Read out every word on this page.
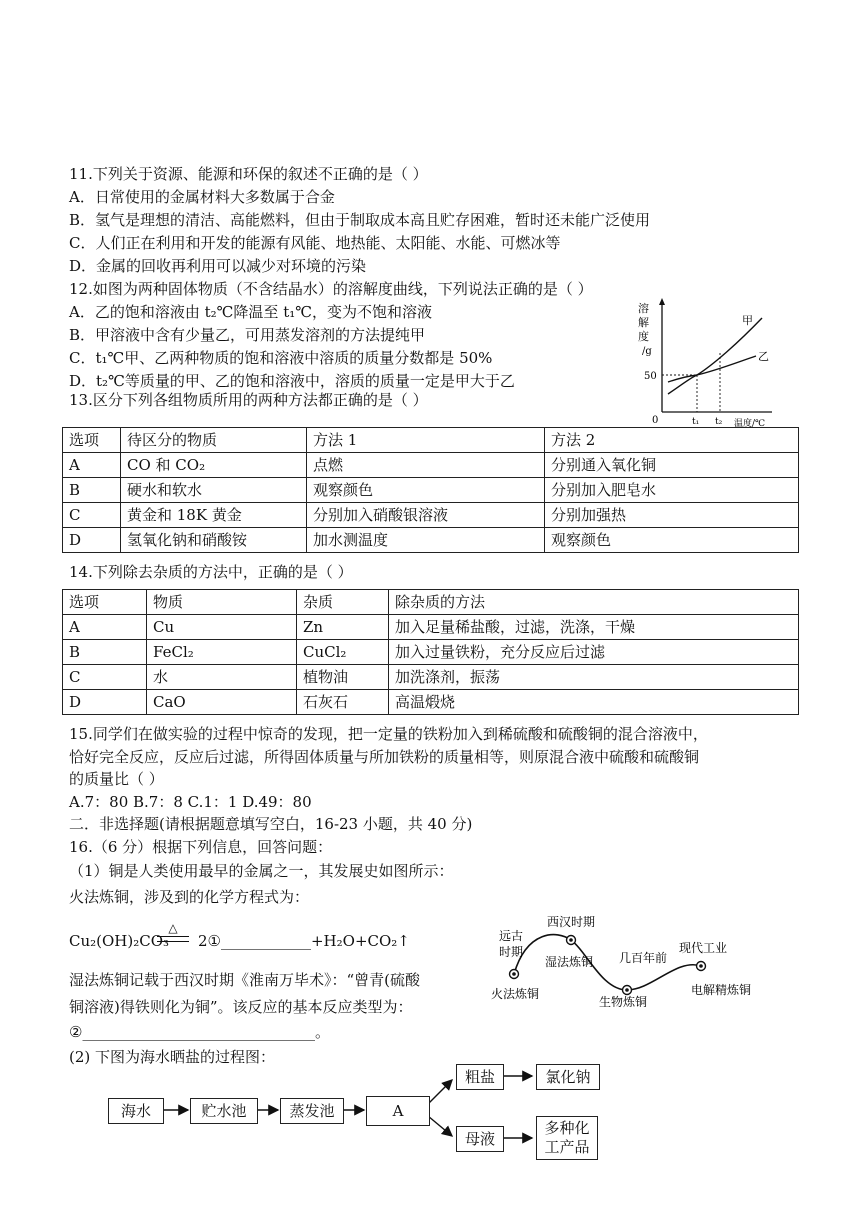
11.下列关于资源、能源和环保的叙述不正确的是（ ）
A．日常使用的金属材料大多数属于合金
B．氢气是理想的清洁、高能燃料，但由于制取成本高且贮存困难，暂时还未能广泛使用
C．人们正在利用和开发的能源有风能、地热能、太阳能、水能、可燃冰等
D．金属的回收再利用可以减少对环境的污染
12.如图为两种固体物质（不含结晶水）的溶解度曲线，下列说法正确的是（ ）
A．乙的饱和溶液由 t₂℃降温至 t₁℃，变为不饱和溶液
B．甲溶液中含有少量乙，可用蒸发溶剂的方法提纯甲
C．t₁℃甲、乙两种物质的饱和溶液中溶质的质量分数都是 50%
D．t₂℃等质量的甲、乙的饱和溶液中，溶质的质量一定是甲大于乙
溶
解
度
/g
0
50
t₁ t₂ 温度/℃
甲
乙
13.区分下列各组物质所用的两种方法都正确的是（ ）
选项	待区分的物质	方法 1	方法 2
A	CO 和 CO₂	点燃	分别通入氧化铜
B	硬水和软水	观察颜色	分别加入肥皂水
C	黄金和 18K 黄金	分别加入硝酸银溶液	分别加强热
D	氢氧化钠和硝酸铵	加水测温度	观察颜色
14.下列除去杂质的方法中，正确的是（ ）
选项	物质	杂质	除杂质的方法
A	Cu	Zn	加入足量稀盐酸，过滤，洗涤，干燥
B	FeCl₂	CuCl₂	加入过量铁粉，充分反应后过滤
C	水	植物油	加洗涤剂，振荡
D	CaO	石灰石	高温煅烧
15.同学们在做实验的过程中惊奇的发现，把一定量的铁粉加入到稀硫酸和硫酸铜的混合溶液中，
恰好完全反应，反应后过滤，所得固体质量与所加铁粉的质量相等，则原混合液中硫酸和硫酸铜
的质量比（ ）
A.7：80 B.7：8 C.1：1 D.49：80
二．非选择题(请根据题意填写空白，16-23 小题，共 40 分)
16.（6 分）根据下列信息，回答问题：
（1）铜是人类使用最早的金属之一，其发展史如图所示：
火法炼铜，涉及到的化学方程式为：
Cu₂(OH)₂CO₃
△
2①____________+H₂O+CO₂↑
湿法炼铜记载于西汉时期《淮南万毕术》：“曾青(硫酸
铜溶液)得铁则化为铜”。该反应的基本反应类型为：
②_______________________________。
(2) 下图为海水晒盐的过程图：
远古
时期
火法炼铜
西汉时期
湿法炼铜 几百年前
生物炼铜
现代工业
电解精炼铜
海水	贮水池	蒸发池	A
粗盐	氯化钠
母液
多种化工产品
